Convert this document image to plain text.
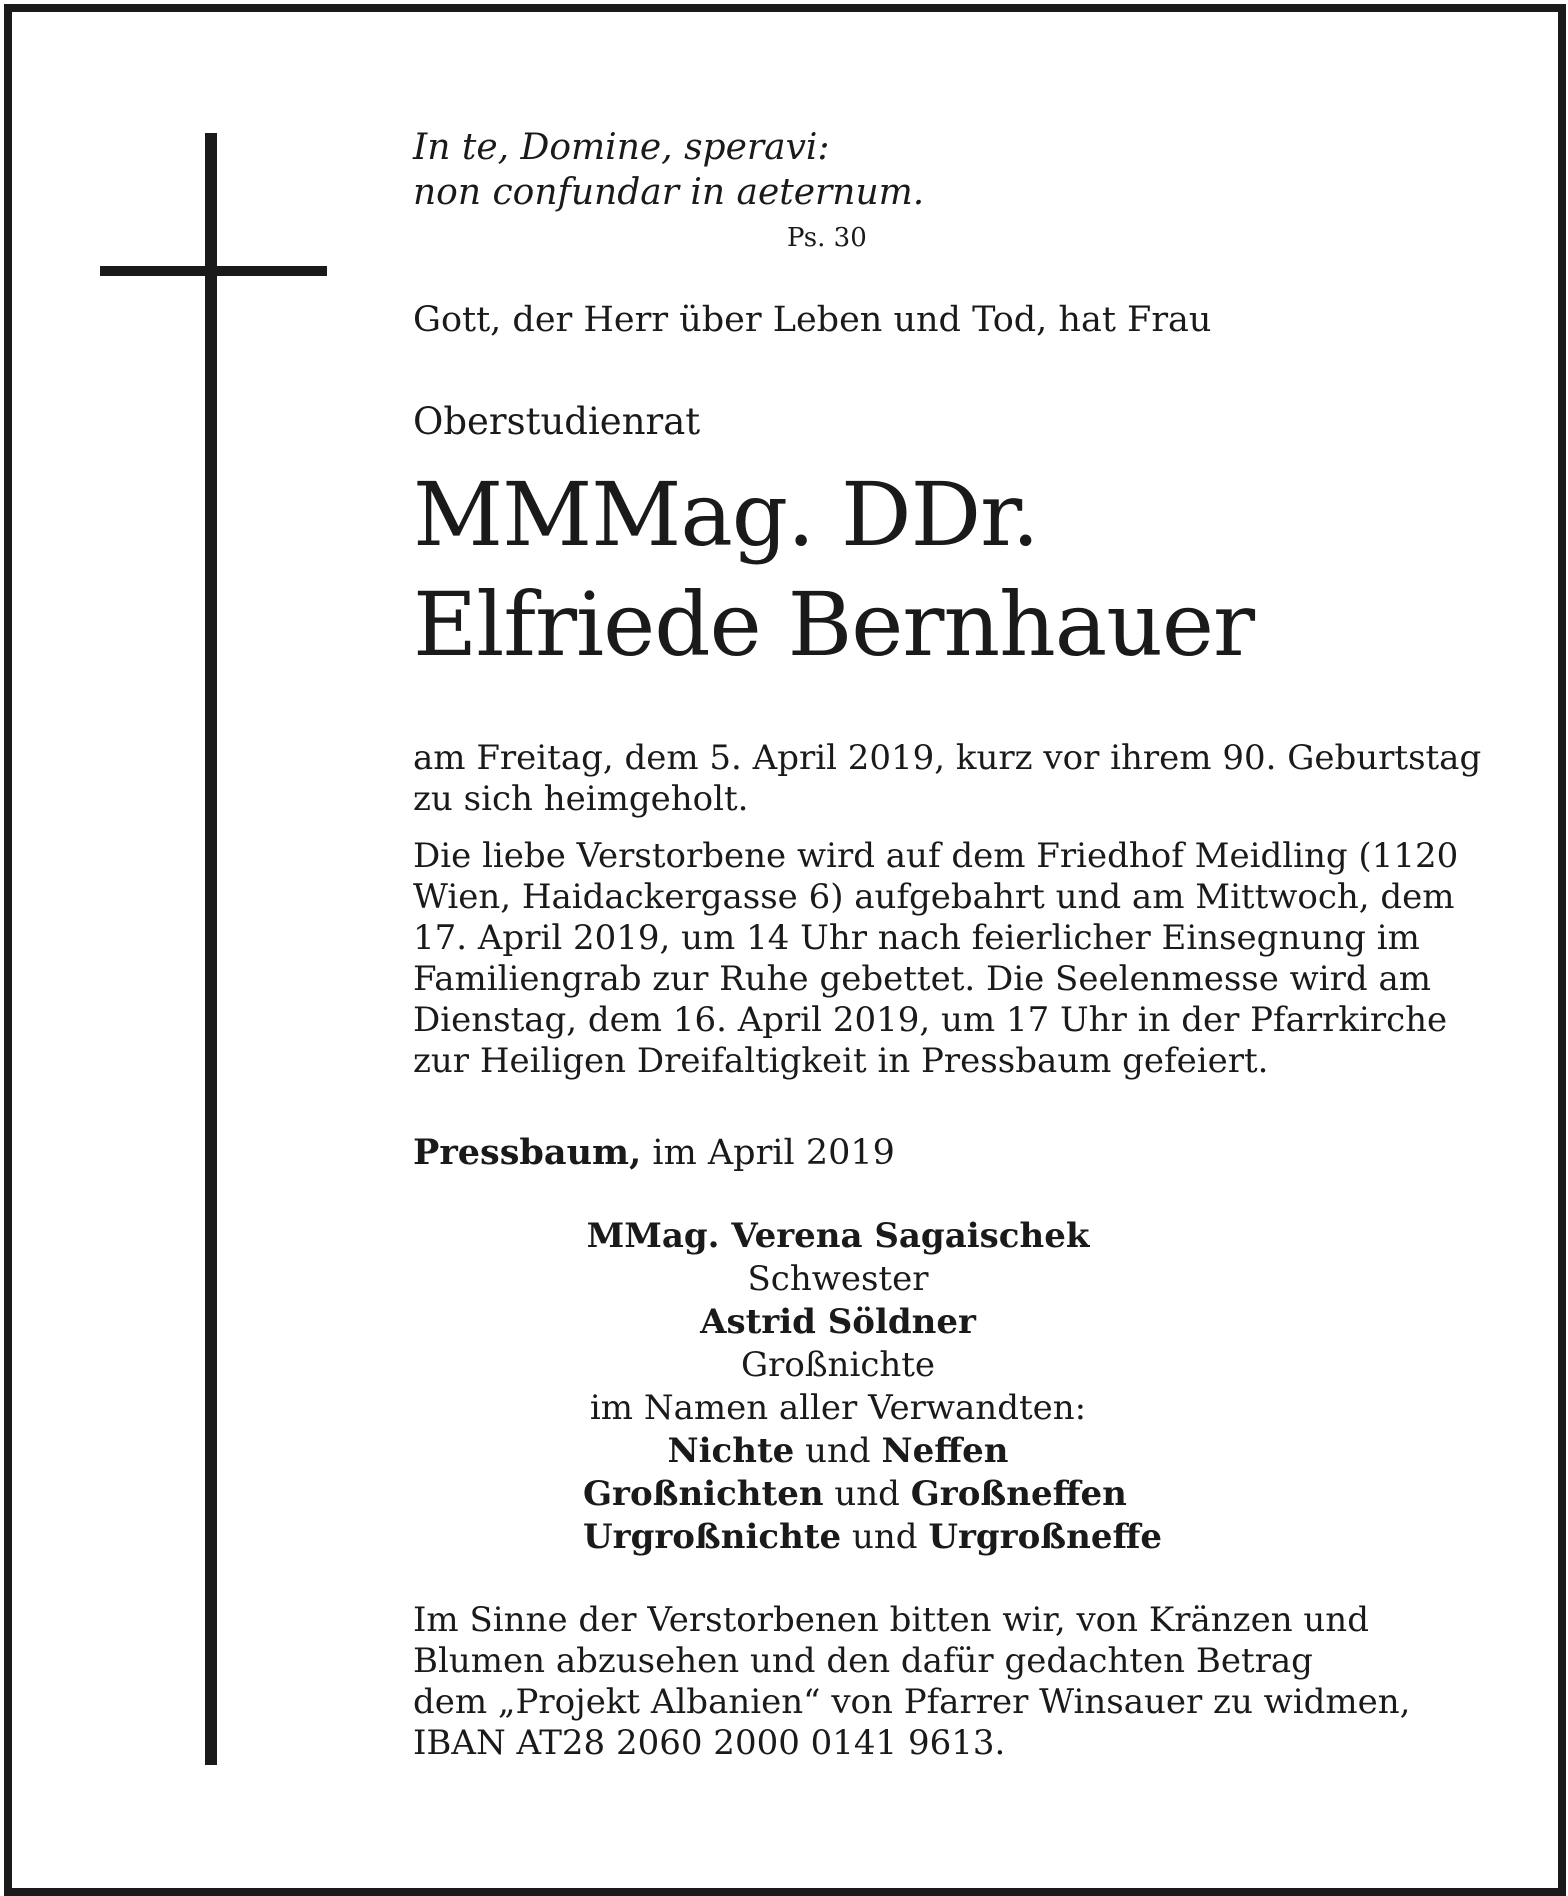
In te, Domine, speravi:
non confundar in aeternum.
Ps. 30
Gott, der Herr über Leben und Tod, hat Frau
Oberstudienrat
MMMag. DDr.
Elfriede Bernhauer
am Freitag, dem 5. April 2019, kurz vor ihrem 90. Geburtstag
zu sich heimgeholt.
Die liebe Verstorbene wird auf dem Friedhof Meidling (1120
Wien, Haidackergasse 6) aufgebahrt und am Mittwoch, dem
17. April 2019, um 14 Uhr nach feierlicher Einsegnung im
Familiengrab zur Ruhe gebettet. Die Seelenmesse wird am
Dienstag, dem 16. April 2019, um 17 Uhr in der Pfarrkirche
zur Heiligen Dreifaltigkeit in Pressbaum gefeiert.
Pressbaum, im April 2019
MMag. Verena Sagaischek
Schwester
Astrid Söldner
Großnichte
im Namen aller Verwandten:
Nichte und Neffen
Großnichten und Großneffen
Urgroßnichte und Urgroßneffe
Im Sinne der Verstorbenen bitten wir, von Kränzen und
Blumen abzusehen und den dafür gedachten Betrag
dem „Projekt Albanien“ von Pfarrer Winsauer zu widmen,
IBAN AT28 2060 2000 0141 9613.
